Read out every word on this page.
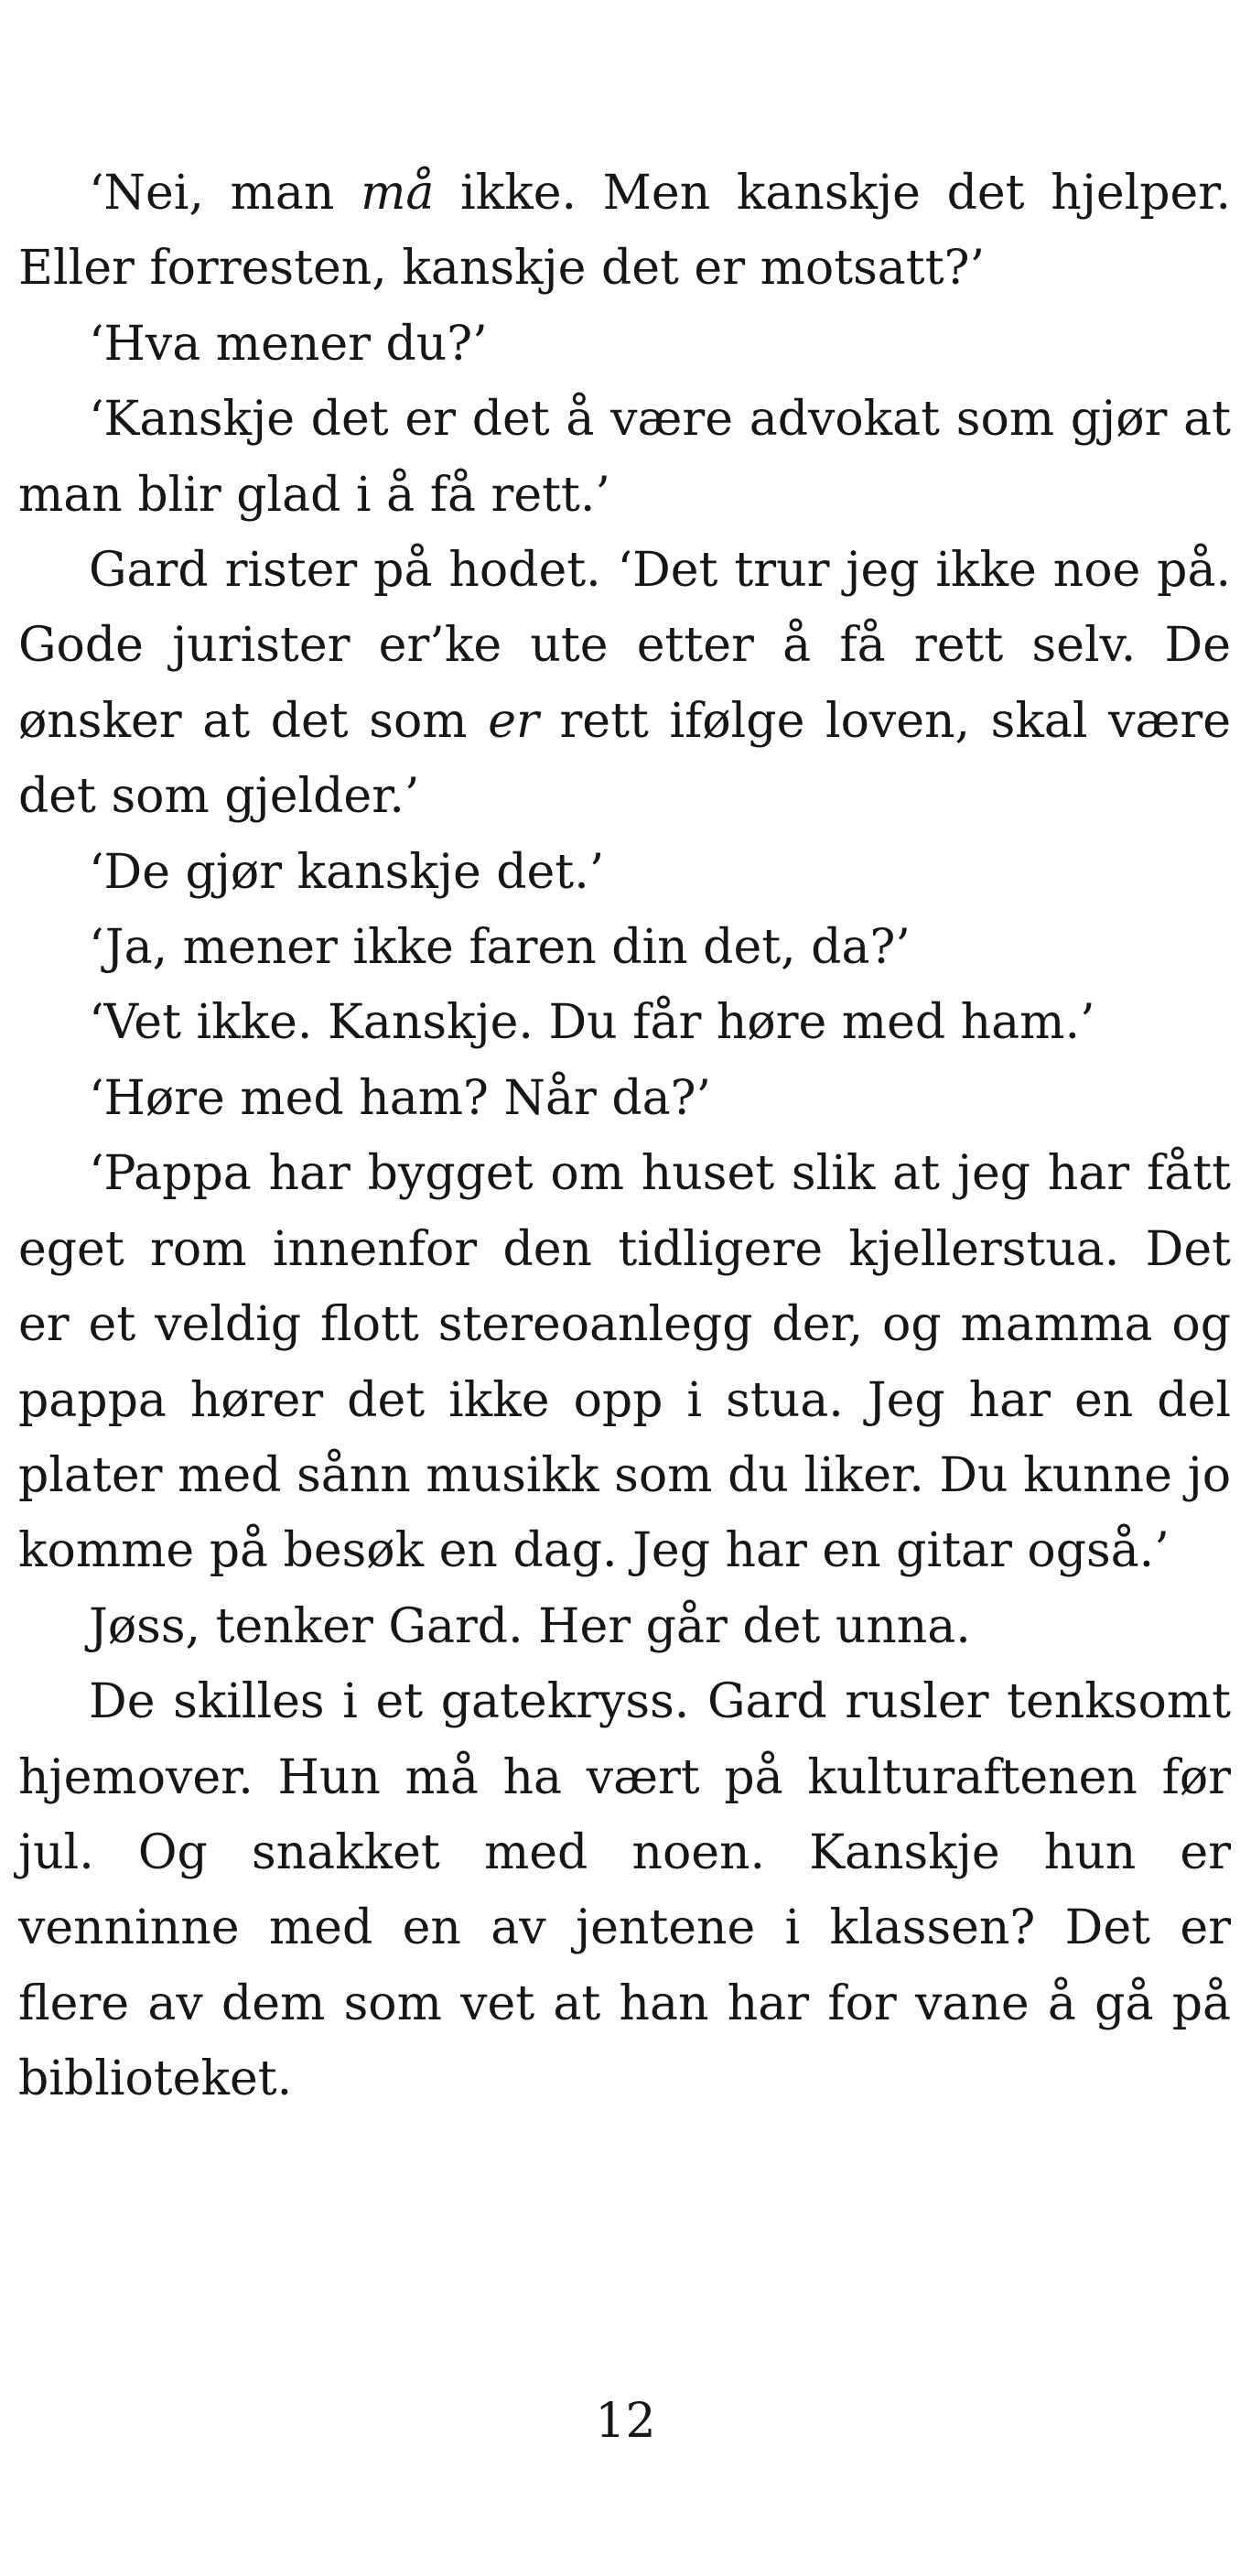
‘Nei, man må ikke. Men kanskje det hjelper. Eller forresten, kanskje det er motsatt?’

‘Hva mener du?’

‘Kanskje det er det å være advokat som gjør at man blir glad i å få rett.’

Gard rister på hodet. ‘Det trur jeg ikke noe på. Gode jurister er’ke ute etter å få rett selv. De ønsker at det som er rett ifølge loven, skal være det som gjelder.’

‘De gjør kanskje det.’

‘Ja, mener ikke faren din det, da?’

‘Vet ikke. Kanskje. Du får høre med ham.’

‘Høre med ham? Når da?’

‘Pappa har bygget om huset slik at jeg har fått eget rom innenfor den tidligere kjellerstua. Det er et veldig flott stereoanlegg der, og mamma og pappa hører det ikke opp i stua. Jeg har en del plater med sånn musikk som du liker. Du kunne jo komme på besøk en dag. Jeg har en gitar også.’

Jøss, tenker Gard. Her går det unna.

De skilles i et gatekryss. Gard rusler tenksomt hjemover. Hun må ha vært på kulturaftenen før jul. Og snakket med noen. Kanskje hun er venninne med en av jentene i klassen? Det er flere av dem som vet at han har for vane å gå på biblioteket.

12
